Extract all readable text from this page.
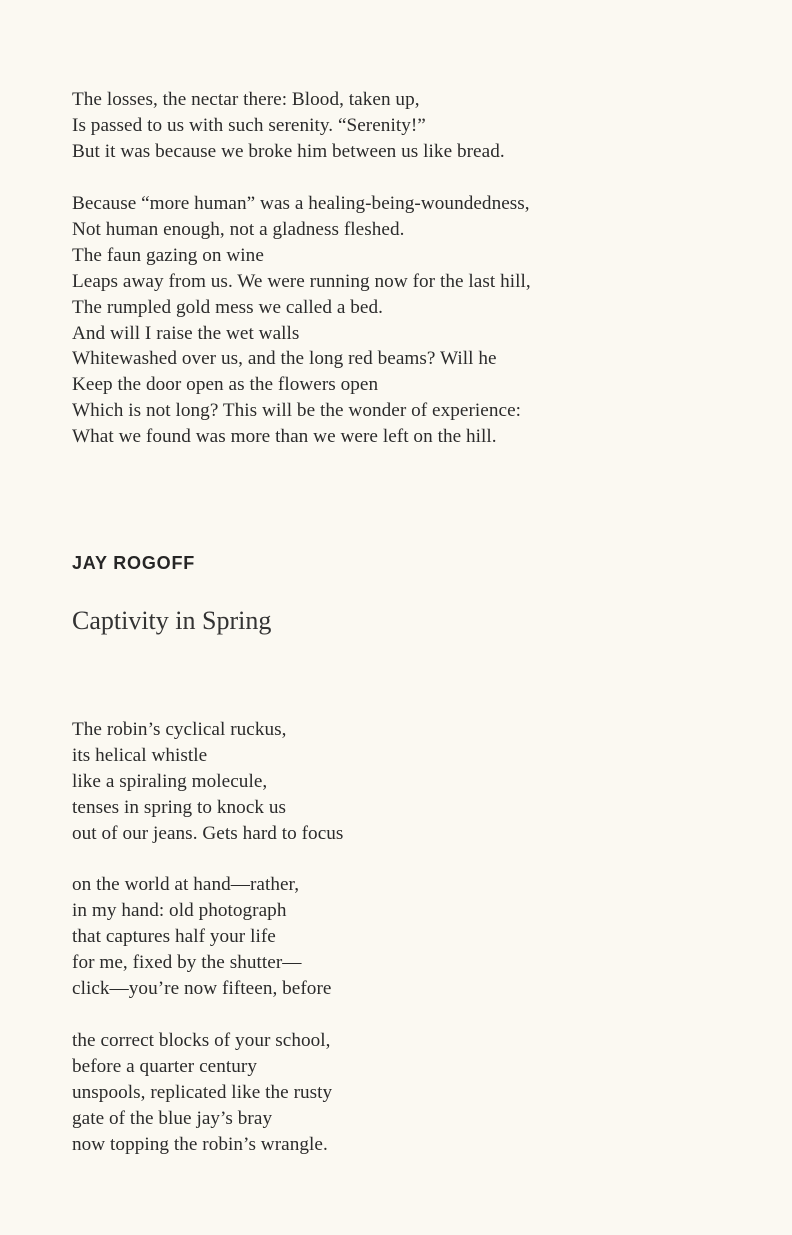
The losses, the nectar there: Blood, taken up,
Is passed to us with such serenity. “Serenity!”
But it was because we broke him between us like bread.
Because “more human” was a healing-being-woundedness,
Not human enough, not a gladness fleshed.
The faun gazing on wine
Leaps away from us. We were running now for the last hill,
The rumpled gold mess we called a bed.
And will I raise the wet walls
Whitewashed over us, and the long red beams? Will he
Keep the door open as the flowers open
Which is not long? This will be the wonder of experience:
What we found was more than we were left on the hill.
JAY ROGOFF
Captivity in Spring
The robin’s cyclical ruckus,
its helical whistle
like a spiraling molecule,
tenses in spring to knock us
out of our jeans. Gets hard to focus
on the world at hand—rather,
in my hand: old photograph
that captures half your life
for me, fixed by the shutter—
click—you’re now fifteen, before
the correct blocks of your school,
before a quarter century
unspools, replicated like the rusty
gate of the blue jay’s bray
now topping the robin’s wrangle.
